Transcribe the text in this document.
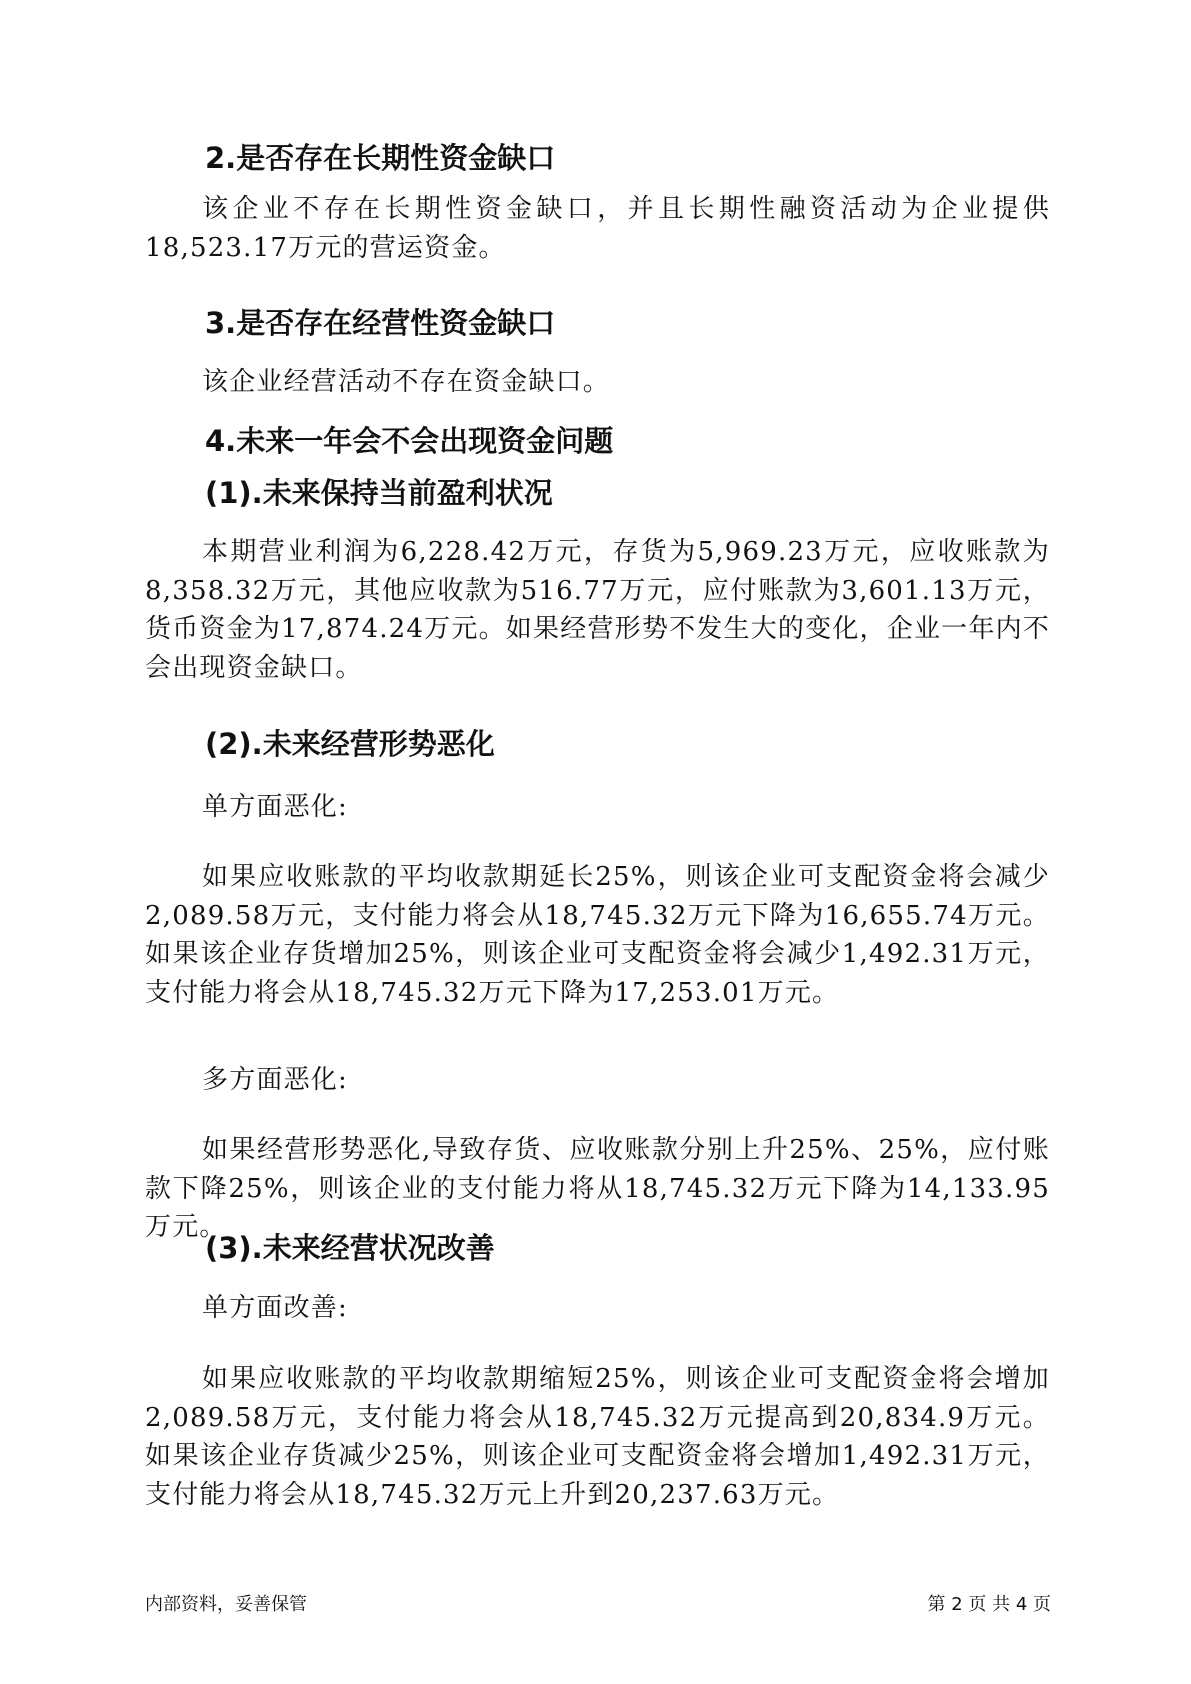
2.是否存在长期性资金缺口
该企业不存在长期性资金缺口，并且长期性融资活动为企业提供18,523.17万元的营运资金。
3.是否存在经营性资金缺口
该企业经营活动不存在资金缺口。
4.未来一年会不会出现资金问题
(1).未来保持当前盈利状况
本期营业利润为6,228.42万元，存货为5,969.23万元，应收账款为8,358.32万元，其他应收款为516.77万元，应付账款为3,601.13万元，货币资金为17,874.24万元。如果经营形势不发生大的变化，企业一年内不会出现资金缺口。
(2).未来经营形势恶化
单方面恶化:
如果应收账款的平均收款期延长25%，则该企业可支配资金将会减少2,089.58万元，支付能力将会从18,745.32万元下降为16,655.74万元。如果该企业存货增加25%，则该企业可支配资金将会减少1,492.31万元，支付能力将会从18,745.32万元下降为17,253.01万元。
多方面恶化:
如果经营形势恶化,导致存货、应收账款分别上升25%、25%，应付账款下降25%，则该企业的支付能力将从18,745.32万元下降为14,133.95万元。
(3).未来经营状况改善
单方面改善:
如果应收账款的平均收款期缩短25%，则该企业可支配资金将会增加2,089.58万元，支付能力将会从18,745.32万元提高到20,834.9万元。如果该企业存货减少25%，则该企业可支配资金将会增加1,492.31万元，支付能力将会从18,745.32万元上升到20,237.63万元。
内部资料，妥善保管	第 2 页 共 4 页
